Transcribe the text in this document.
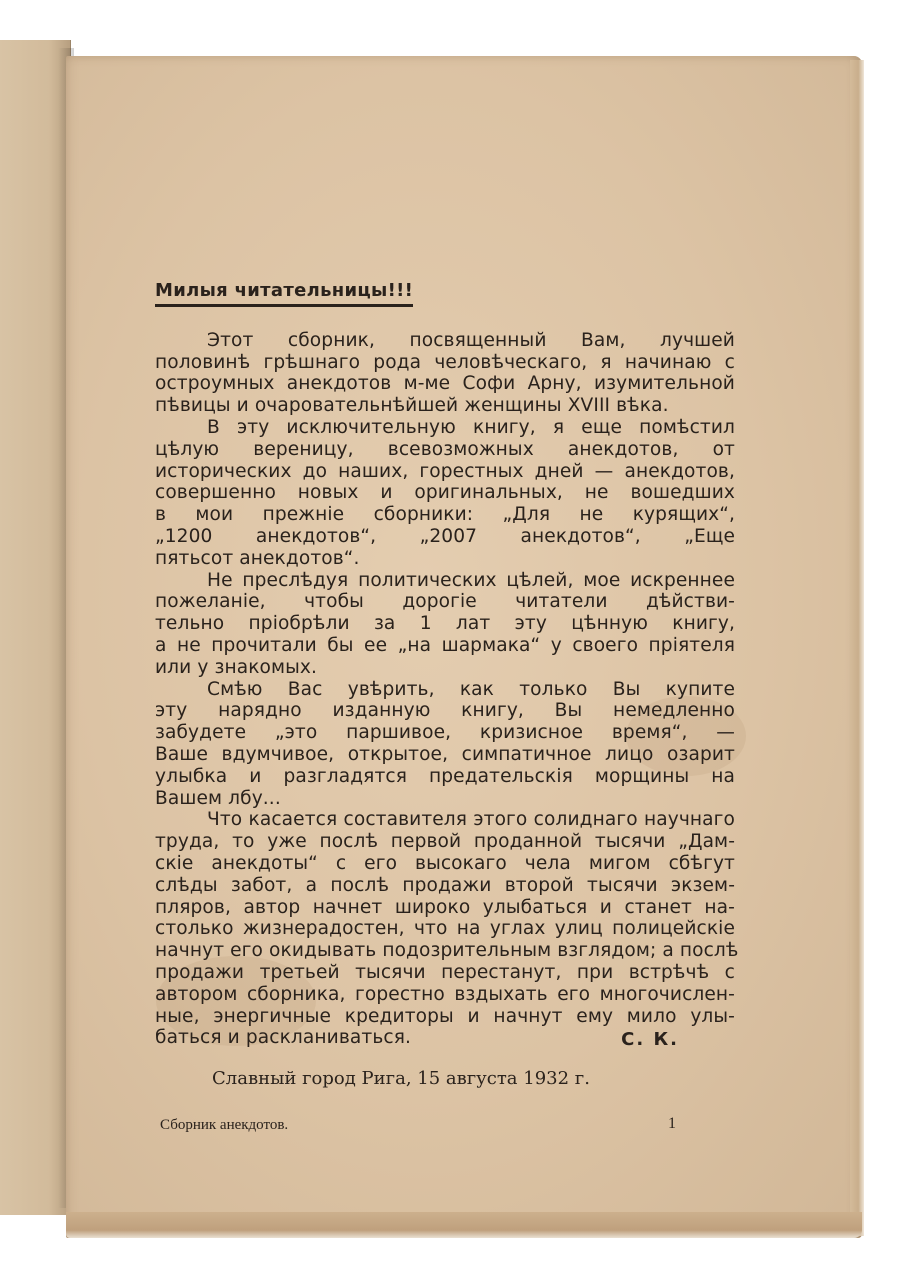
Милыя читательницы!!!
Этот сборник, посвященный Вам, лучшей
половинѣ грѣшнаго рода человѣческаго, я начинаю с
остроумных анекдотов м-ме Софи Арну, изумительной
пѣвицы и очаровательнѣйшей женщины XVIII вѣка.
В эту исключительную книгу, я еще помѣстил
цѣлую вереницу, всевозможных анекдотов, от
исторических до наших, горестных дней — анекдотов,
совершенно новых и оригинальных, не вошедших
в мои прежніе сборники: „Для не курящих“,
„1200 анекдотов“, „2007 анекдотов“, „Еще
пятьсот анекдотов“.
Не преслѣдуя политических цѣлей, мое искреннее
пожеланіе, чтобы дорогіе читатели дѣйстви-
тельно пріобрѣли за 1 лат эту цѣнную книгу,
а не прочитали бы ее „на шармака“ у своего пріятеля
или у знакомых.
Смѣю Вас увѣрить, как только Вы купите
эту нарядно изданную книгу, Вы немедленно
забудете „это паршивое, кризисное время“, —
Ваше вдумчивое, открытое, симпатичное лицо озарит
улыбка и разгладятся предательскія морщины на
Вашем лбу...
Что касается составителя этого солиднаго научнаго
труда, то уже послѣ первой проданной тысячи „Дам-
скіе анекдоты“ с его высокаго чела мигом сбѣгут
слѣды забот, а послѣ продажи второй тысячи экзем-
пляров, автор начнет широко улыбаться и станет на-
столько жизнерадостен, что на углах улиц полицейскіе
начнут его окидывать подозрительным взглядом; а послѣ
продажи третьей тысячи перестанут, при встрѣчѣ с
автором сборника, горестно вздыхать его многочислен-
ные, энергичные кредиторы и начнут ему мило улы-
баться и раскланиваться.	С. К.
Славный город Рига, 15 августа 1932 г.
Сборник анекдотов.	1
